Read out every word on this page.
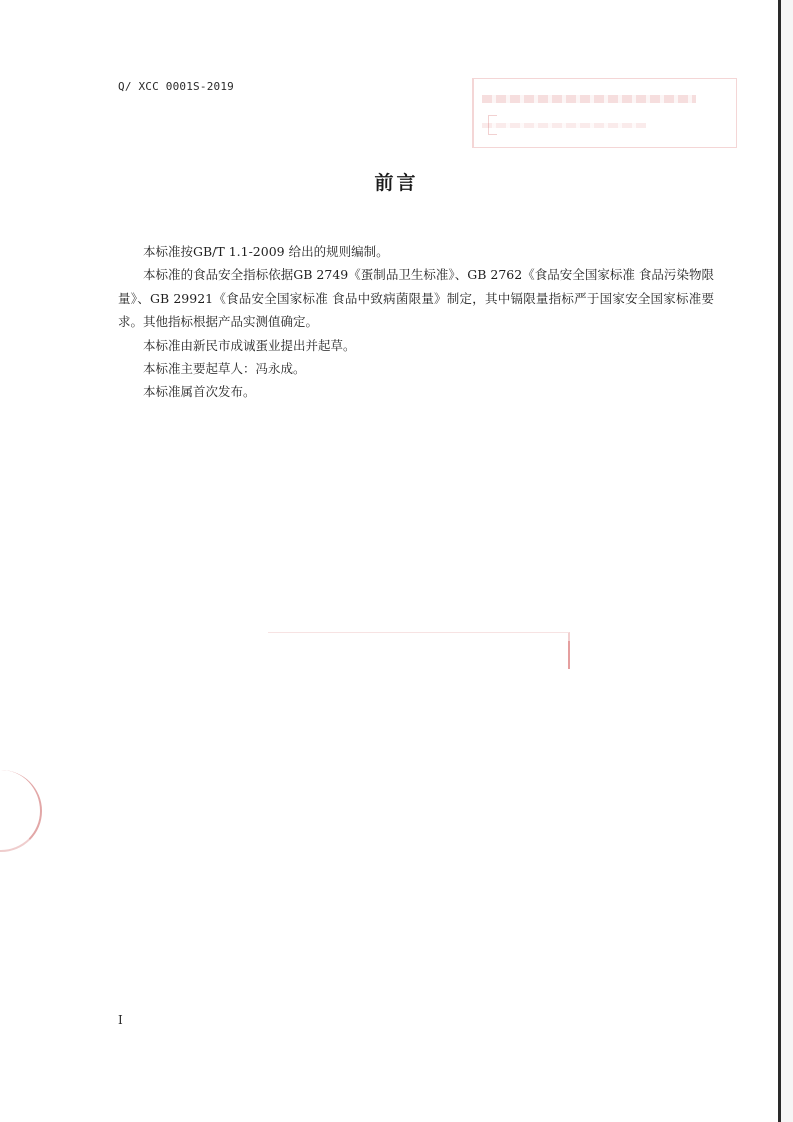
Q/ XCC 0001S-2019
前言

本标准按GB/T 1.1-2009 给出的规则编制。

本标准的食品安全指标依据GB 2749《蛋制品卫生标准》、GB 2762《食品安全国家标准 食品污染物限量》、GB 29921《食品安全国家标准 食品中致病菌限量》制定，其中镉限量指标严于国家安全国家标准要求。其他指标根据产品实测值确定。

本标准由新民市成诚蛋业提出并起草。

本标准主要起草人：冯永成。

本标准属首次发布。

I
